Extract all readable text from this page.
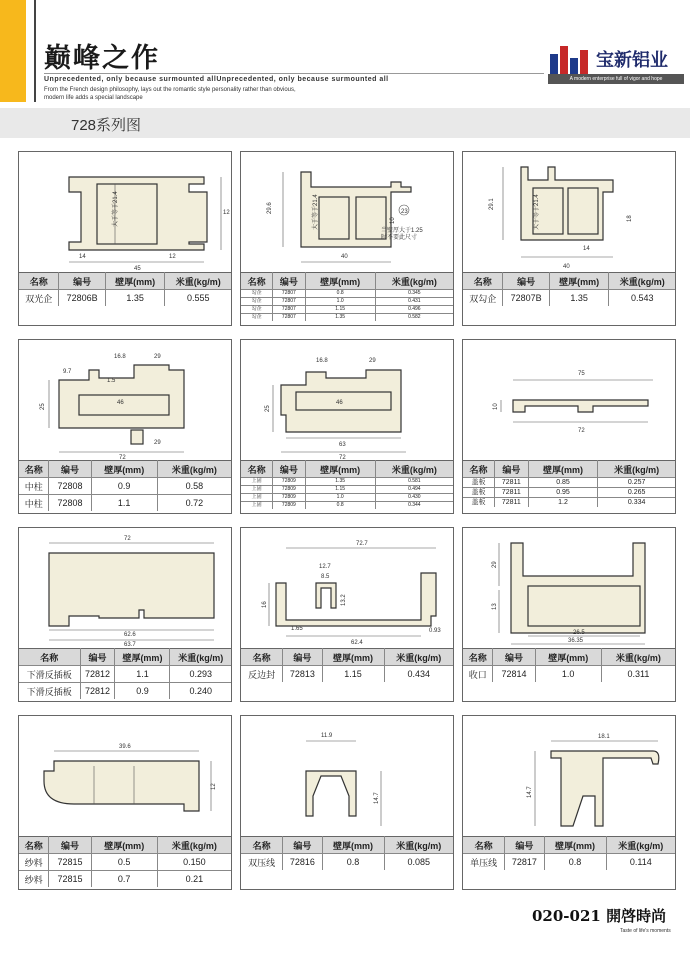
巅峰之作
Unprecedented, only because surmounted allUnprecedented, only because surmounted all
From the French design philosophy, lays out the romantic style personality rather than obvious, modern life adds a special landscape
宝新铝业
A modern enterprise full of vigor and hope
728系列图
14	12
45
12
大于等于21.4
名称	编号	壁厚(mm)	米重(kg/m)
双光企	72806B	1.35	0.555
29.6	大于等于21.4	10
23
当壁厚大于1.25
时不要此尺寸
40
名称	编号	壁厚(mm)	米重(kg/m)
勾企	72807	0.8	0.345
勾企	72807	1.0	0.431
勾企	72807	1.15	0.496
勾企	72807	1.35	0.582
29.1	大于等于21.4	18
14
40
名称	编号	壁厚(mm)	米重(kg/m)
双勾企	72807B	1.35	0.543
16.8	29
9.7
1.5
25
46
72
29
名称	编号	壁厚(mm)	米重(kg/m)
中柱	72808	0.9	0.58
中柱	72808	1.1	0.72
16.8	29
25
46
63
72
名称	编号	壁厚(mm)	米重(kg/m)
上固	72809	1.35	0.581
上固	72809	1.15	0.494
上固	72809	1.0	0.430
上固	72809	0.8	0.344
75
10
72
名称	编号	壁厚(mm)	米重(kg/m)
盖板	72811	0.85	0.257
盖板	72811	0.95	0.265
盖板	72811	1.2	0.334
72
62.6
63.7
名称	编号	壁厚(mm)	米重(kg/m)
下滑反插板	72812	1.1	0.293
下滑反插板	72812	0.9	0.240
72.7
12.7
8.5
16	13.2
1.65
62.4
0.93
名称	编号	壁厚(mm)	米重(kg/m)
反边封	72813	1.15	0.434
29
13
26.5
36.35
名称	编号	壁厚(mm)	米重(kg/m)
收口	72814	1.0	0.311
39.6
12
名称	编号	壁厚(mm)	米重(kg/m)
纱料	72815	0.5	0.150
纱料	72815	0.7	0.21
11.9
14.7
名称	编号	壁厚(mm)	米重(kg/m)
双压线	72816	0.8	0.085
18.1
14.7
名称	编号	壁厚(mm)	米重(kg/m)
单压线	72817	0.8	0.114
020-021 開啓時尚
Taste of life's moments
